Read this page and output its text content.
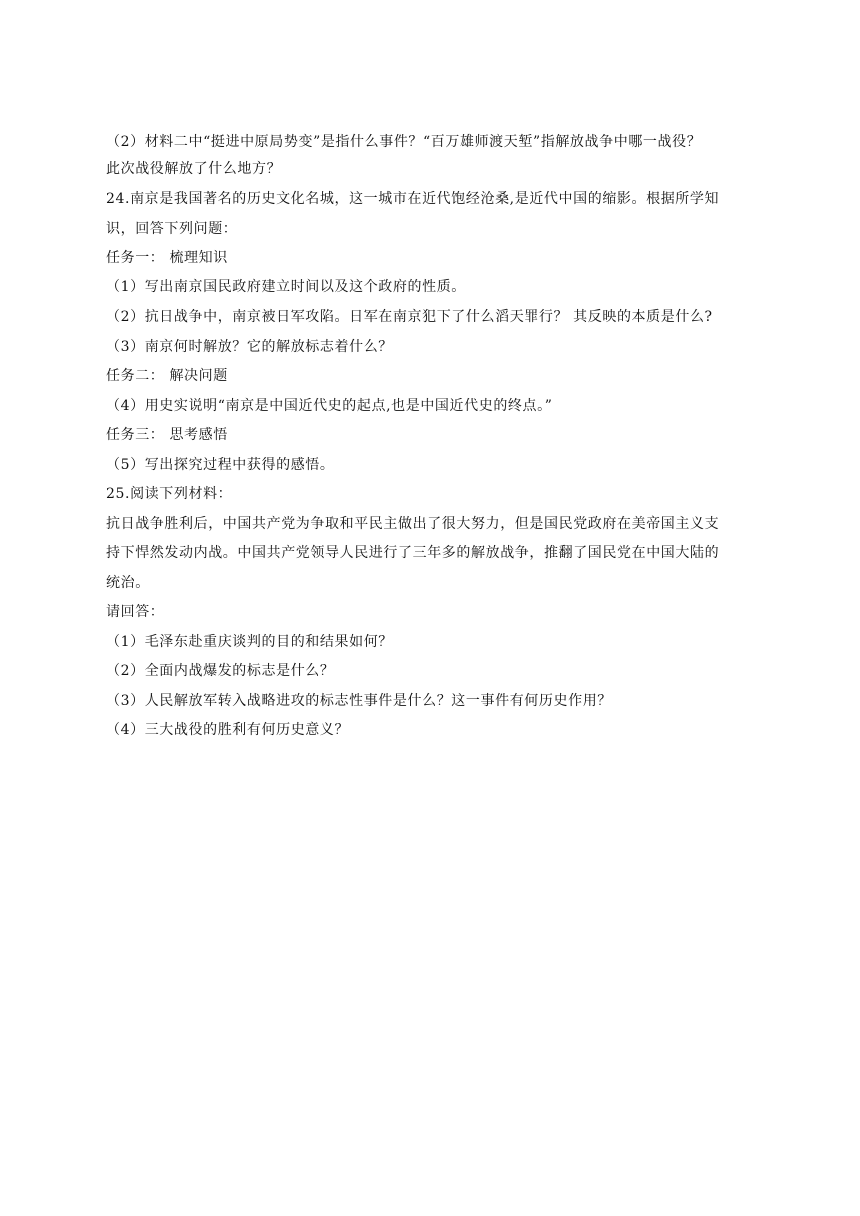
（2）材料二中“挺进中原局势变”是指什么事件？“百万雄师渡天堑”指解放战争中哪一战役？
此次战役解放了什么地方？
24.南京是我国著名的历史文化名城，这一城市在近代饱经沧桑,是近代中国的缩影。根据所学知
识，回答下列问题：
任务一： 梳理知识
（1）写出南京国民政府建立时间以及这个政府的性质。
（2）抗日战争中，南京被日军攻陷。日军在南京犯下了什么滔天罪行？ 其反映的本质是什么?
（3）南京何时解放？它的解放标志着什么？
任务二： 解决问题
（4）用史实说明“南京是中国近代史的起点,也是中国近代史的终点。”
任务三： 思考感悟
（5）写出探究过程中获得的感悟。
25.阅读下列材料：
抗日战争胜利后，中国共产党为争取和平民主做出了很大努力，但是国民党政府在美帝国主义支
持下悍然发动内战。中国共产党领导人民进行了三年多的解放战争，推翻了国民党在中国大陆的
统治。
请回答：
（1）毛泽东赴重庆谈判的目的和结果如何？
（2）全面内战爆发的标志是什么？
（3）人民解放军转入战略进攻的标志性事件是什么？这一事件有何历史作用？
（4）三大战役的胜利有何历史意义？
